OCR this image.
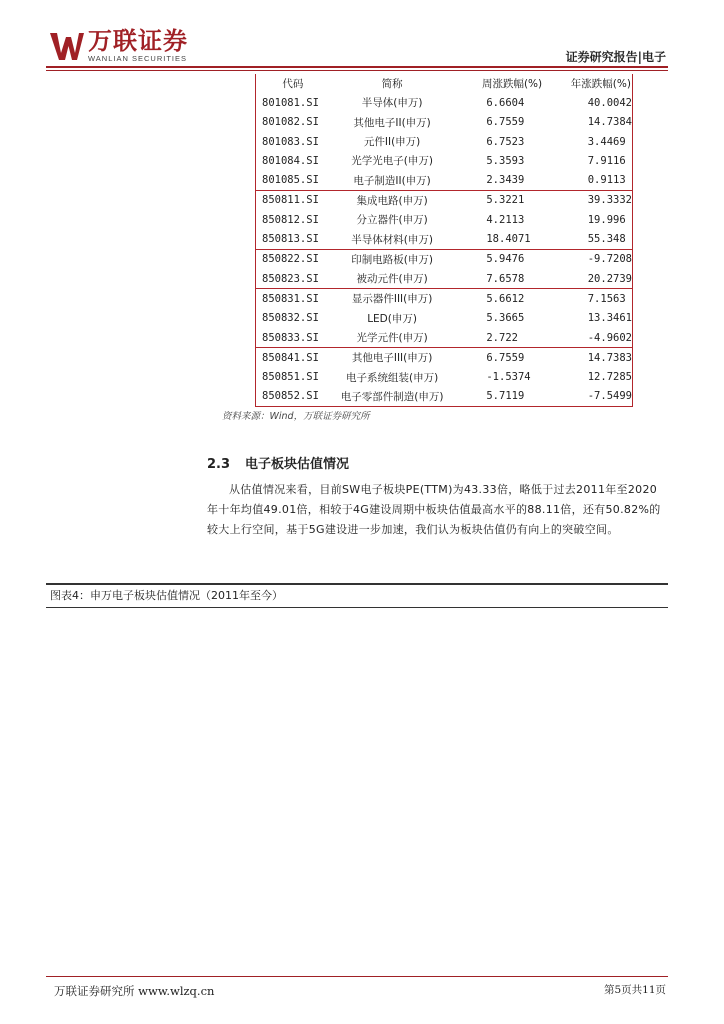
万联证券
WANLIAN SECURITIES	证券研究报告|电子
代码	简称	周涨跌幅(%)	年涨跌幅(%)
801081.SI	半导体(申万)	6.6604	40.0042
801082.SI	其他电子II(申万)	6.7559	14.7384
801083.SI	元件II(申万)	6.7523	3.4469
801084.SI	光学光电子(申万)	5.3593	7.9116
801085.SI	电子制造II(申万)	2.3439	0.9113
850811.SI	集成电路(申万)	5.3221	39.3332
850812.SI	分立器件(申万)	4.2113	19.996
850813.SI	半导体材料(申万)	18.4071	55.348
850822.SI	印制电路板(申万)	5.9476	-9.7208
850823.SI	被动元件(申万)	7.6578	20.2739
850831.SI	显示器件III(申万)	5.6612	7.1563
850832.SI	LED(申万)	5.3665	13.3461
850833.SI	光学元件(申万)	2.722	-4.9602
850841.SI	其他电子III(申万)	6.7559	14.7383
850851.SI	电子系统组装(申万)	-1.5374	12.7285
850852.SI	电子零部件制造(申万)	5.7119	-7.5499
资料来源：Wind，万联证券研究所
2.3 电子板块估值情况
从估值情况来看，目前SW电子板块PE(TTM)为43.33倍，略低于过去2011年至2020年十年均值49.01倍，相较于4G建设周期中板块估值最高水平的88.11倍，还有50.82%的较大上行空间，基于5G建设进一步加速，我们认为板块估值仍有向上的突破空间。
图表4：申万电子板块估值情况（2011年至今）
万联证券研究所 www.wlzq.cn	第5页共11页
